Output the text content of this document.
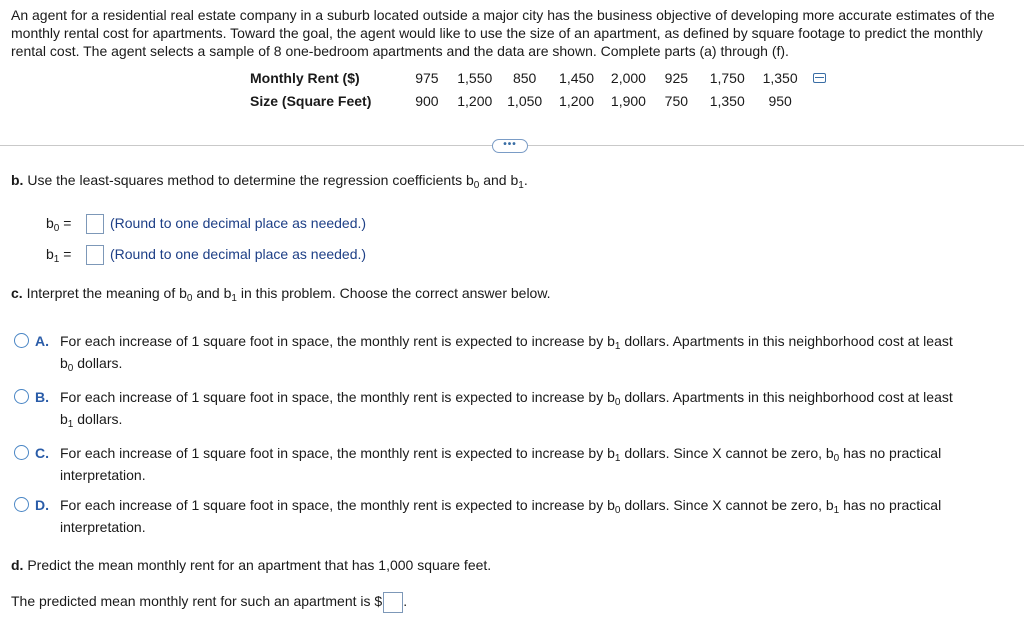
An agent for a residential real estate company in a suburb located outside a major city has the business objective of developing more accurate estimates of the monthly rental cost for apartments. Toward the goal, the agent would like to use the size of an apartment, as defined by square footage to predict the monthly rental cost. The agent selects a sample of 8 one-bedroom apartments and the data are shown. Complete parts (a) through (f).
Monthly Rent ($)	975 1,550 850 1,450 2,000 925 1,750 1,350
Size (Square Feet)	900 1,200 1,050 1,200 1,900 750 1,350 950
•••
b. Use the least-squares method to determine the regression coefficients $b_0$ and $b_1$.
$b_0$ =	(Round to one decimal place as needed.)
$b_1$ =	(Round to one decimal place as needed.)
c. Interpret the meaning of $b_0$ and $b_1$ in this problem. Choose the correct answer below.
A. For each increase of 1 square foot in space, the monthly rent is expected to increase by $b_1$ dollars. Apartments in this neighborhood cost at least
$b_0$ dollars.
B. For each increase of 1 square foot in space, the monthly rent is expected to increase by $b_0$ dollars. Apartments in this neighborhood cost at least
$b_1$ dollars.
C. For each increase of 1 square foot in space, the monthly rent is expected to increase by $b_1$ dollars. Since X cannot be zero, $b_0$ has no practical
interpretation.
D. For each increase of 1 square foot in space, the monthly rent is expected to increase by $b_0$ dollars. Since X cannot be zero, $b_1$ has no practical
interpretation.
d. Predict the mean monthly rent for an apartment that has 1,000 square feet.
The predicted mean monthly rent for such an apartment is $ .
